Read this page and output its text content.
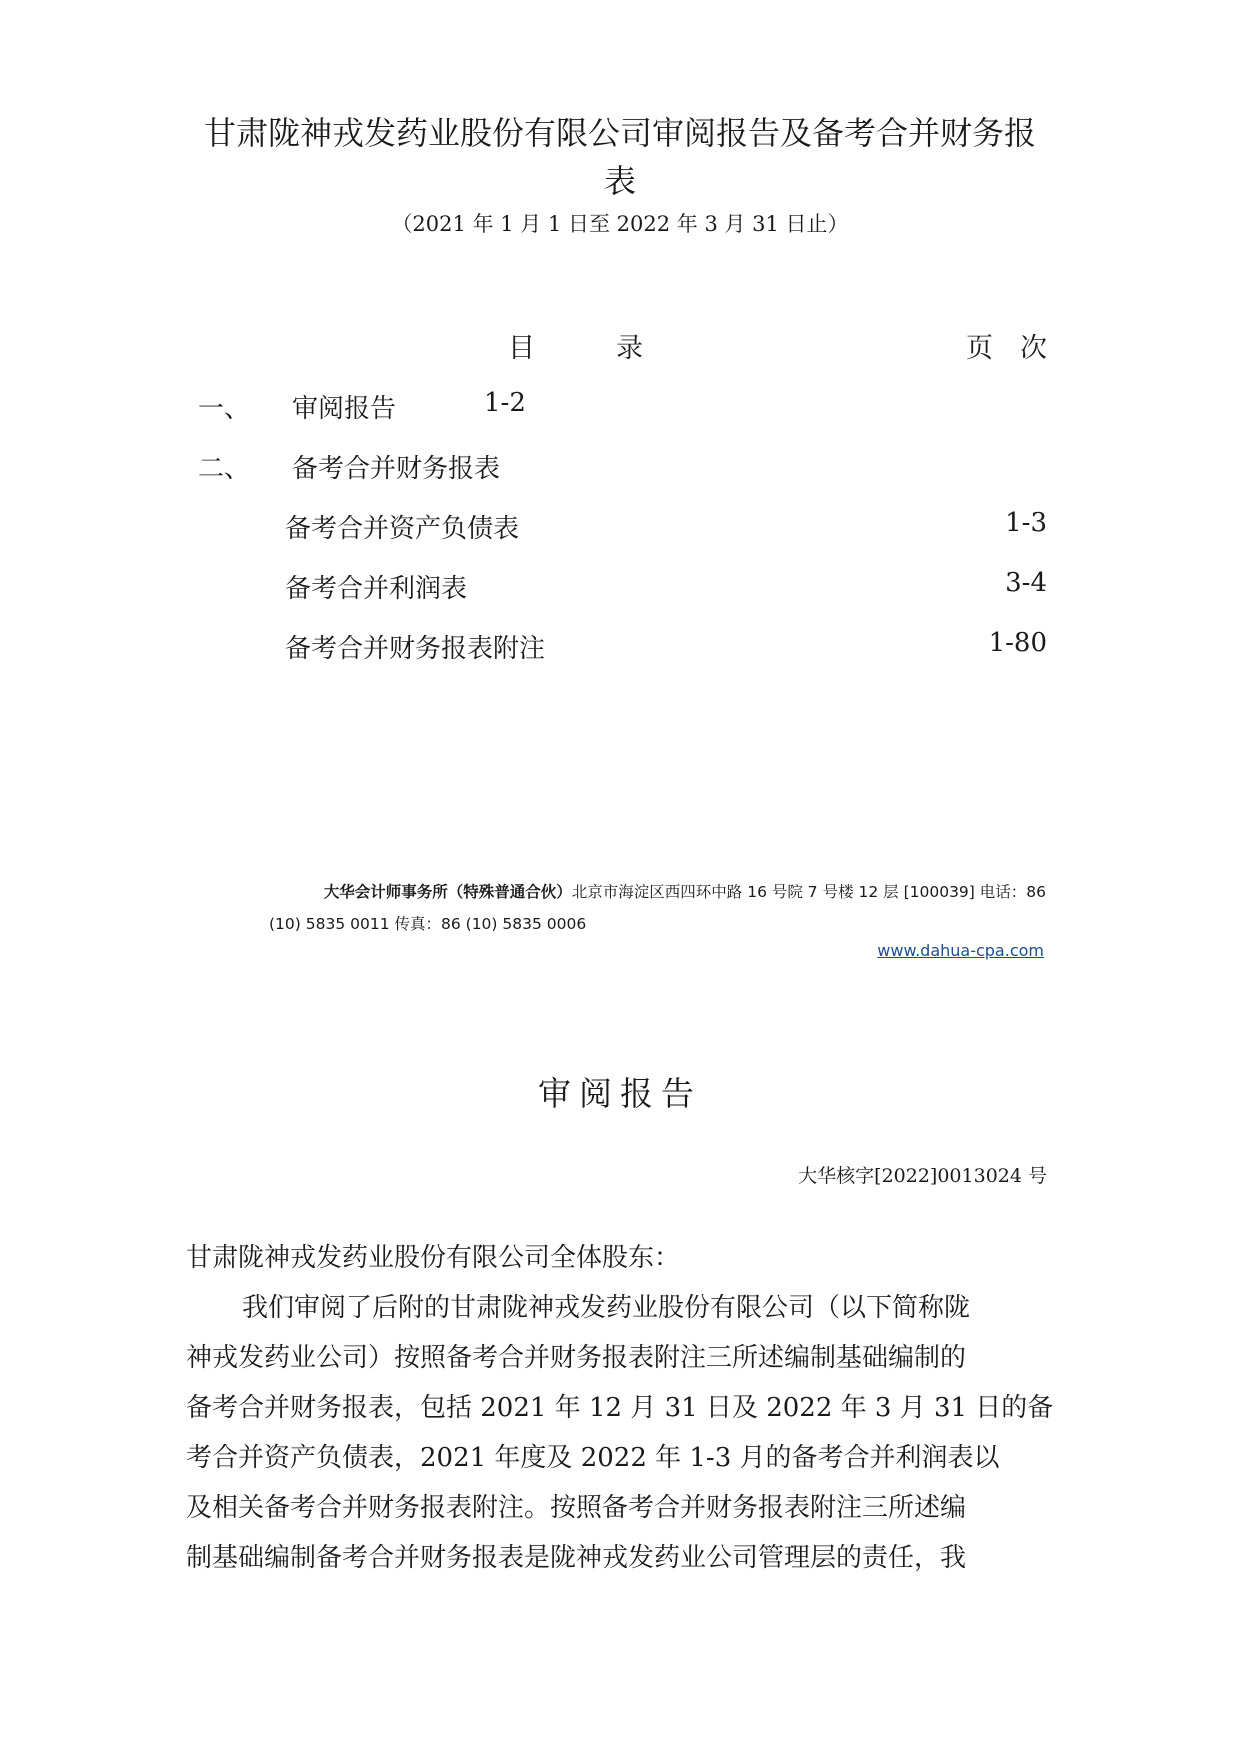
甘肃陇神戎发药业股份有限公司审阅报告及备考合并财务报
表
（2021 年 1 月 1 日至 2022 年 3 月 31 日止）
目　　　录	页　次
一、 审阅报告	1-2
二、 备考合并财务报表
备考合并资产负债表	1-3
备考合并利润表	3-4
备考合并财务报表附注	1-80
大华会计师事务所（特殊普通合伙）北京市海淀区西四环中路 16 号院 7 号楼 12 层 [100039] 电话：86
(10) 5835 0011 传真：86 (10) 5835 0006
www.dahua-cpa.com
审阅报告
大华核字[2022]0013024 号
甘肃陇神戎发药业股份有限公司全体股东：
我们审阅了后附的甘肃陇神戎发药业股份有限公司（以下简称陇
神戎发药业公司）按照备考合并财务报表附注三所述编制基础编制的
备考合并财务报表，包括 2021 年 12 月 31 日及 2022 年 3 月 31 日的备
考合并资产负债表，2021 年度及 2022 年 1-3 月的备考合并利润表以
及相关备考合并财务报表附注。按照备考合并财务报表附注三所述编
制基础编制备考合并财务报表是陇神戎发药业公司管理层的责任，我
